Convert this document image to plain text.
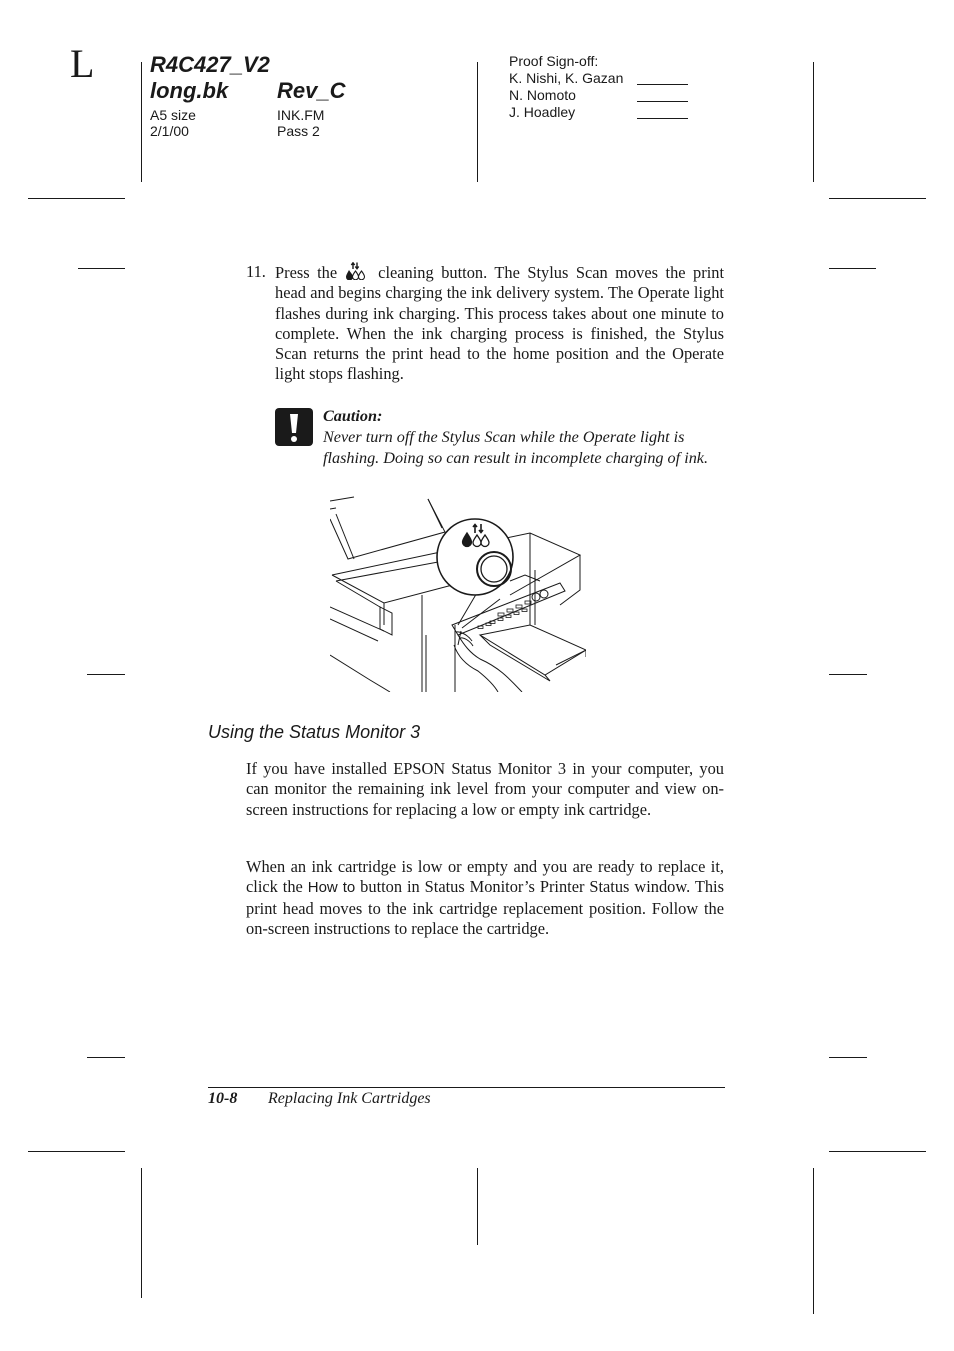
L	R4C427_V2
long.bk Rev_C
A5 size
2/1/00
INK.FM
Pass 2
Proof Sign-off:
K. Nishi, K. Gazan
N. Nomoto
J. Hoadley
11. Press the	cleaning button. The Stylus Scan moves the print head and begins charging the ink delivery system. The Operate light flashes during ink charging. This process takes about one minute to complete. When the ink charging process is finished, the Stylus Scan returns the print head to the home position and the Operate light stops flashing.
Caution:
Never turn off the Stylus Scan while the Operate light is flashing. Doing so can result in incomplete charging of ink.
Using the Status Monitor 3
If you have installed EPSON Status Monitor 3 in your computer, you can monitor the remaining ink level from your computer and view on-screen instructions for replacing a low or empty ink cartridge.
When an ink cartridge is low or empty and you are ready to replace it, click the How to button in Status Monitor’s Printer Status window. This print head moves to the ink cartridge replacement position. Follow the on-screen instructions to replace the cartridge.
10-8 Replacing Ink Cartridges
